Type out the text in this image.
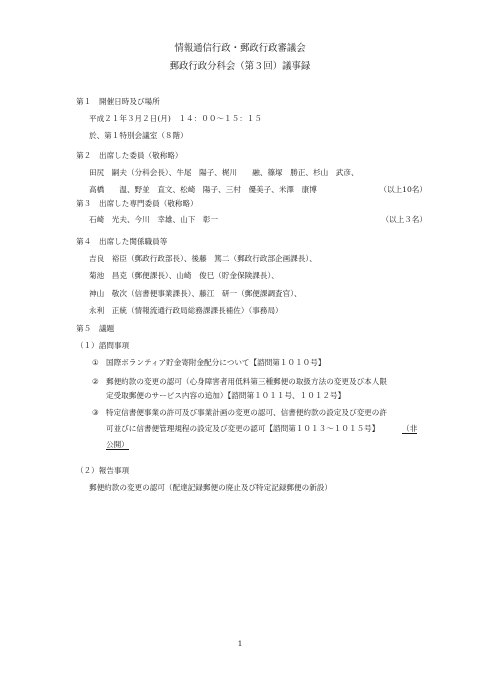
情報通信行政・郵政行政審議会
郵政行政分科会（第３回）議事録
第１ 開催日時及び場所
平成２１年３月２日(月)　１４：００～１５：１５
於、第１特別会議室（８階）
第２ 出席した委員（敬称略）
田尻　嗣夫（分科会長）、牛尾　陽子、梶川　　融、篠塚　勝正、杉山　武彦、
高橋　　温、野並　直文、松崎　陽子、三村　優美子、米澤　康博	（以上10名）
第３ 出席した専門委員（敬称略）
石崎　光夫、今川　幸雄、山下　彰一	（以上３名）
第４ 出席した関係職員等
吉良　裕臣（郵政行政部長）、後藤　篤二（郵政行政部企画課長）、
菊池　昌克（郵便課長）、山崎　俊巳（貯金保険課長）、
神山　敬次（信書便事業課長）、藤江　研一（郵便課調査官）、
永利　正統（情報流通行政局総務課課長補佐）（事務局）
第５ 議題
（１）諮問事項
① 国際ボランティア貯金寄附金配分について【諮問第１０１０号】
② 郵便約款の変更の認可（心身障害者用低料第三種郵便の取扱方法の変更及び本人限
定受取郵便のサービス内容の追加）【諮問第１０１１号、１０１２号】
③ 特定信書便事業の許可及び事業計画の変更の認可、信書便約款の設定及び変更の許
可並びに信書便管理規程の設定及び変更の認可【諮問第１０１３～１０１５号】	（非
公開）
（２）報告事項
郵便約款の変更の認可（配達記録郵便の廃止及び特定記録郵便の新設）
1
